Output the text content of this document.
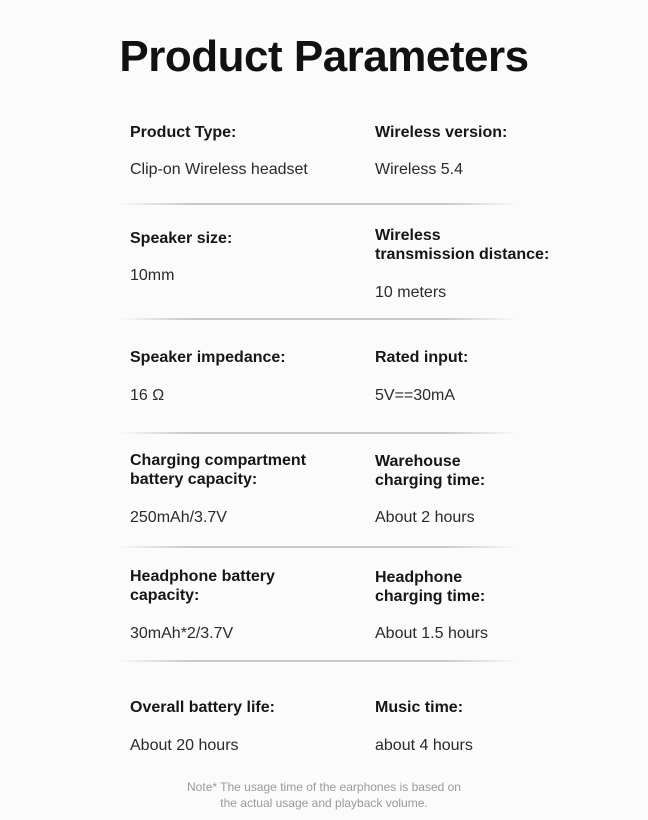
Product Parameters
Product Type:
Clip-on Wireless headset
Wireless version:
Wireless 5.4
Speaker size:
10mm
Wireless
transmission distance:
10 meters
Speaker impedance:
16 Ω
Rated input:
5V==30mA
Charging compartment
battery capacity:
250mAh/3.7V
Warehouse
charging time:
About 2 hours
Headphone battery
capacity:
30mAh*2/3.7V
Headphone
charging time:
About 1.5 hours
Overall battery life:
About 20 hours
Music time:
about 4 hours
Note* The usage time of the earphones is based on
the actual usage and playback volume.
